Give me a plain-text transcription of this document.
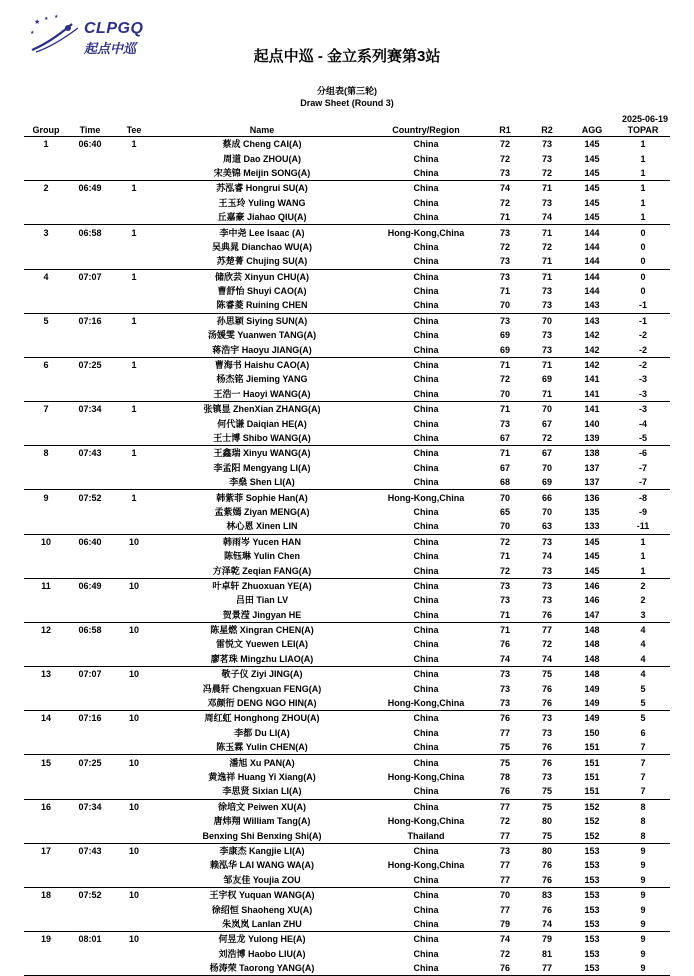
★ ★ ★
★	CLPGQ
起点中巡	起点中巡 - 金立系列赛第3站
分组表(第三轮)
Draw Sheet (Round 3)
2025-06-19
Group	Time	Tee	Name	Country/Region	R1	R2	AGG	TOPAR
1	06:40	1	蔡成 Cheng CAI(A)	China	72	73	145	1
			周道 Dao ZHOU(A)	China	72	73	145	1
			宋美锦 Meijin SONG(A)	China	73	72	145	1
2	06:49	1	苏泓睿 Hongrui SU(A)	China	74	71	145	1
			王玉玲 Yuling WANG	China	72	73	145	1
			丘嘉豪 Jiahao QIU(A)	China	71	74	145	1
3	06:58	1	李中尧 Lee Isaac (A)	Hong-Kong,China	73	71	144	0
			吴典晁 Dianchao WU(A)	China	72	72	144	0
			苏楚菁 Chujing SU(A)	China	73	71	144	0
4	07:07	1	储欣芸 Xinyun CHU(A)	China	73	71	144	0
			曹舒怡 Shuyi CAO(A)	China	71	73	144	0
			陈睿菱 Ruining CHEN	China	70	73	143	-1
5	07:16	1	孙思颖 Siying SUN(A)	China	73	70	143	-1
			汤媛雯 Yuanwen TANG(A)	China	69	73	142	-2
			蒋浩宇 Haoyu JIANG(A)	China	69	73	142	-2
6	07:25	1	曹海书 Haishu CAO(A)	China	71	71	142	-2
			杨杰铭 Jieming YANG	China	72	69	141	-3
			王浩一 Haoyi WANG(A)	China	70	71	141	-3
7	07:34	1	张镇显 ZhenXian ZHANG(A)	China	71	70	141	-3
			何代谦 Daiqian HE(A)	China	73	67	140	-4
			王士博 Shibo WANG(A)	China	67	72	139	-5
8	07:43	1	王鑫瑞 Xinyu WANG(A)	China	71	67	138	-6
			李孟阳 Mengyang LI(A)	China	67	70	137	-7
			李燊 Shen LI(A)	China	68	69	137	-7
9	07:52	1	韩紫菲 Sophie Han(A)	Hong-Kong,China	70	66	136	-8
			孟紫嫣 Ziyan MENG(A)	China	65	70	135	-9
			林心恩 Xinen LIN	China	70	63	133	-11
10	06:40	10	韩雨岑 Yucen HAN	China	72	73	145	1
			陈钰琳 Yulin Chen	China	71	74	145	1
			方泽乾 Zeqian FANG(A)	China	72	73	145	1
11	06:49	10	叶卓轩 Zhuoxuan YE(A)	China	73	73	146	2
			吕田 Tian LV	China	73	73	146	2
			贺景滢 Jingyan HE	China	71	76	147	3
12	06:58	10	陈星燃 Xingran CHEN(A)	China	71	77	148	4
			雷悦文 Yuewen LEI(A)	China	76	72	148	4
			廖茗珠 Mingzhu LIAO(A)	China	74	74	148	4
13	07:07	10	敬子仪 Ziyi JING(A)	China	73	75	148	4
			冯晨轩 Chengxuan FENG(A)	China	73	76	149	5
			邓颜衎 DENG NGO HIN(A)	Hong-Kong,China	73	76	149	5
14	07:16	10	周红虹 Honghong ZHOU(A)	China	76	73	149	5
			李都 Du LI(A)	China	77	73	150	6
			陈玉霖 Yulin CHEN(A)	China	75	76	151	7
15	07:25	10	潘旭 Xu PAN(A)	China	75	76	151	7
			黄逸祥 Huang Yi Xiang(A)	Hong-Kong,China	78	73	151	7
			李思贤 Sixian LI(A)	China	76	75	151	7
16	07:34	10	徐培文 Peiwen XU(A)	China	77	75	152	8
			唐炜翔 William Tang(A)	Hong-Kong,China	72	80	152	8
			Benxing Shi Benxing Shi(A)	Thailand	77	75	152	8
17	07:43	10	李康杰 Kangjie LI(A)	China	73	80	153	9
			赖泓华 LAI WANG WA(A)	Hong-Kong,China	77	76	153	9
			邹友佳 Youjia ZOU	China	77	76	153	9
18	07:52	10	王宇权 Yuquan WANG(A)	China	70	83	153	9
			徐绍恒 Shaoheng XU(A)	China	77	76	153	9
			朱岚岚 Lanlan ZHU	China	79	74	153	9
19	08:01	10	何昱龙 Yulong HE(A)	China	74	79	153	9
			刘浩博 Haobo LIU(A)	China	72	81	153	9
			杨涛荣 Taorong YANG(A)	China	76	77	153	9
